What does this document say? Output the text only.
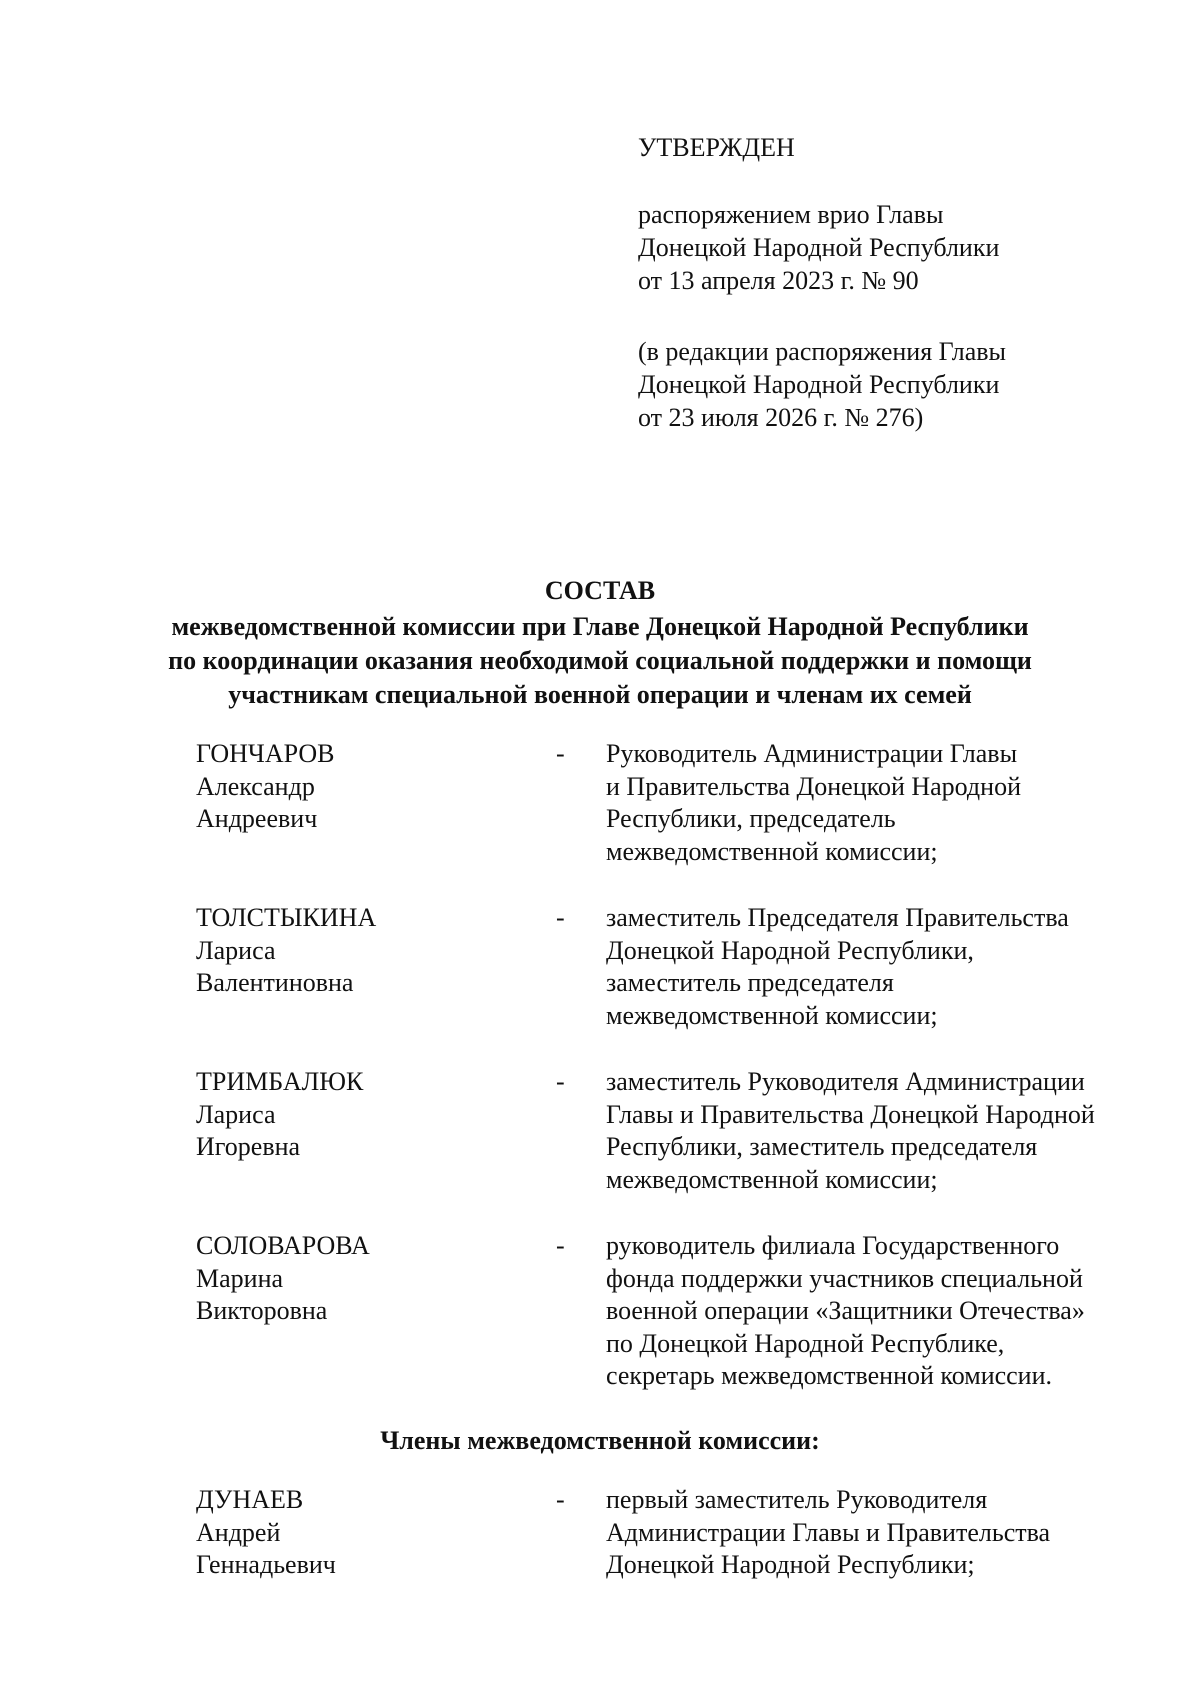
УТВЕРЖДЕН
распоряжением врио Главы
Донецкой Народной Республики
от 13 апреля 2023 г. № 90
(в редакции распоряжения Главы
Донецкой Народной Республики
от 23 июля 2026 г. № 276)
СОСТАВ
межведомственной комиссии при Главе Донецкой Народной Республики
по координации оказания необходимой социальной поддержки и помощи
участникам специальной военной операции и членам их семей
ГОНЧАРОВ
Александр
Андреевич
- Руководитель Администрации Главы
и Правительства Донецкой Народной
Республики, председатель
межведомственной комиссии;
ТОЛСТЫКИНА
Лариса
Валентиновна
- заместитель Председателя Правительства
Донецкой Народной Республики,
заместитель председателя
межведомственной комиссии;
ТРИМБАЛЮК
Лариса
Игоревна
- заместитель Руководителя Администрации
Главы и Правительства Донецкой Народной
Республики, заместитель председателя
межведомственной комиссии;
СОЛОВАРОВА
Марина
Викторовна
- руководитель филиала Государственного
фонда поддержки участников специальной
военной операции «Защитники Отечества»
по Донецкой Народной Республике,
секретарь межведомственной комиссии.
Члены межведомственной комиссии:
ДУНАЕВ
Андрей
Геннадьевич
- первый заместитель Руководителя
Администрации Главы и Правительства
Донецкой Народной Республики;
